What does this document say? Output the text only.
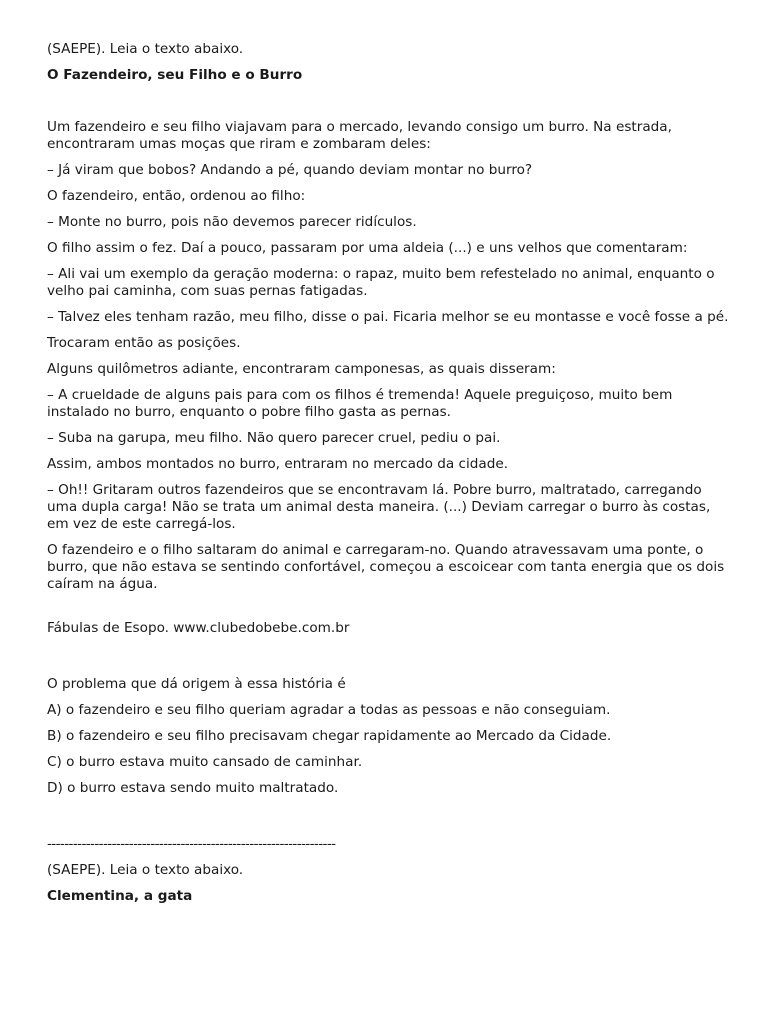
(SAEPE). Leia o texto abaixo.
O Fazendeiro, seu Filho e o Burro
Um fazendeiro e seu filho viajavam para o mercado, levando consigo um burro. Na estrada, encontraram umas moças que riram e zombaram deles:
– Já viram que bobos? Andando a pé, quando deviam montar no burro?
O fazendeiro, então, ordenou ao filho:
– Monte no burro, pois não devemos parecer ridículos.
O filho assim o fez. Daí a pouco, passaram por uma aldeia (...) e uns velhos que comentaram:
– Ali vai um exemplo da geração moderna: o rapaz, muito bem refestelado no animal, enquanto o velho pai caminha, com suas pernas fatigadas.
– Talvez eles tenham razão, meu filho, disse o pai. Ficaria melhor se eu montasse e você fosse a pé.
Trocaram então as posições.
Alguns quilômetros adiante, encontraram camponesas, as quais disseram:
– A crueldade de alguns pais para com os filhos é tremenda! Aquele preguiçoso, muito bem instalado no burro, enquanto o pobre filho gasta as pernas.
– Suba na garupa, meu filho. Não quero parecer cruel, pediu o pai.
Assim, ambos montados no burro, entraram no mercado da cidade.
– Oh!! Gritaram outros fazendeiros que se encontravam lá. Pobre burro, maltratado, carregando uma dupla carga! Não se trata um animal desta maneira. (...) Deviam carregar o burro às costas, em vez de este carregá-los.
O fazendeiro e o filho saltaram do animal e carregaram-no. Quando atravessavam uma ponte, o burro, que não estava se sentindo confortável, começou a escoicear com tanta energia que os dois caíram na água.
Fábulas de Esopo. www.clubedobebe.com.br
O problema que dá origem à essa história é
A) o fazendeiro e seu filho queriam agradar a todas as pessoas e não conseguiam.
B) o fazendeiro e seu filho precisavam chegar rapidamente ao Mercado da Cidade.
C) o burro estava muito cansado de caminhar.
D) o burro estava sendo muito maltratado.
-------------------------------------------------------------------
(SAEPE). Leia o texto abaixo.
Clementina, a gata
